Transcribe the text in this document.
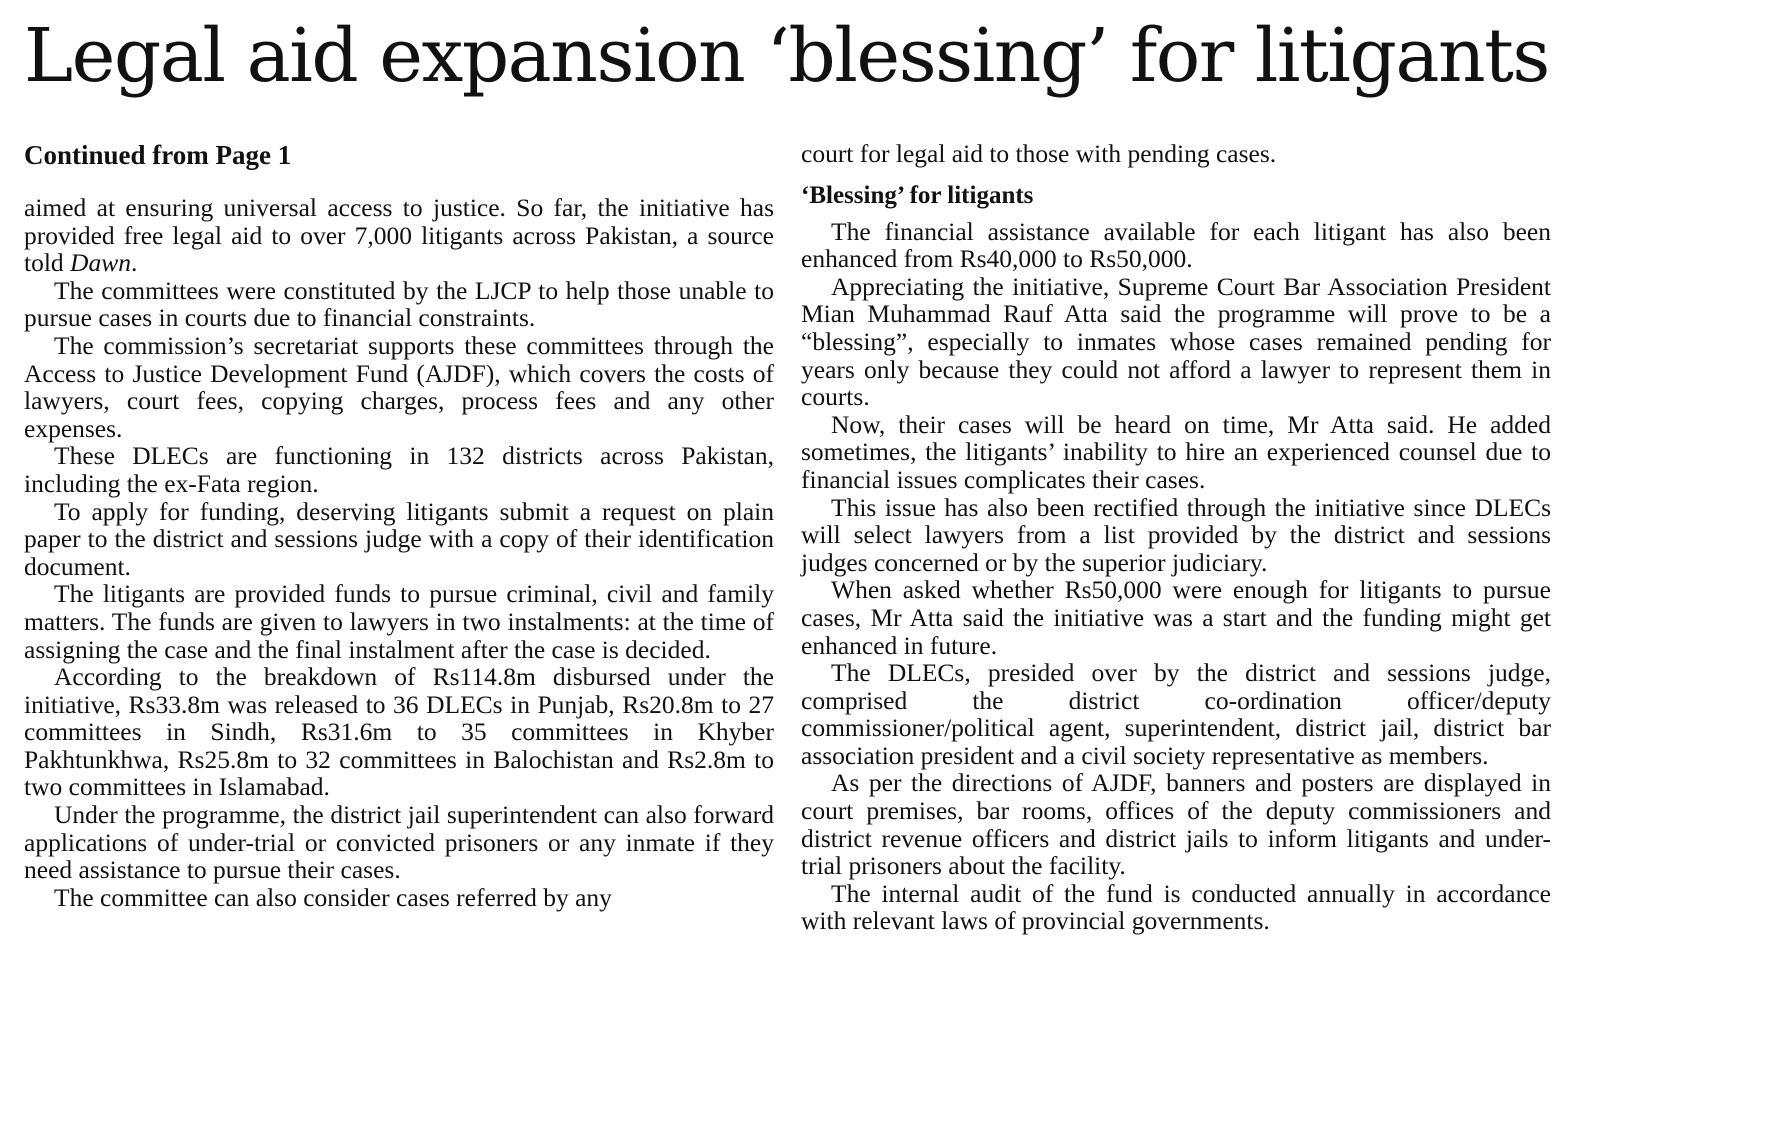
Legal aid expansion ‘blessing’ for litigants
Continued from Page 1

aimed at ensuring universal access to justice. So far, the initiative has provided free legal aid to over 7,000 litigants across Pakistan, a source told Dawn.

The committees were constituted by the LJCP to help those unable to pursue cases in courts due to financial constraints.

The commission’s secretariat supports these committees through the Access to Justice Development Fund (AJDF), which covers the costs of lawyers, court fees, copying charges, process fees and any other expenses.

These DLECs are functioning in 132 districts across Pakistan, including the ex-Fata region.

To apply for funding, deserving litigants submit a request on plain paper to the district and sessions judge with a copy of their identification document.

The litigants are provided funds to pursue criminal, civil and family matters. The funds are given to lawyers in two instalments: at the time of assigning the case and the final instalment after the case is decided.

According to the breakdown of Rs114.8m disbursed under the initiative, Rs33.8m was released to 36 DLECs in Punjab, Rs20.8m to 27 committees in Sindh, Rs31.6m to 35 committees in Khyber Pakhtunkhwa, Rs25.8m to 32 committees in Balochistan and Rs2.8m to two committees in Islamabad.

Under the programme, the district jail superintendent can also forward applications of under-trial or convicted prisoners or any inmate if they need assistance to pursue their cases.

The committee can also consider cases referred by any

court for legal aid to those with pending cases.

‘Blessing’ for litigants

The financial assistance available for each litigant has also been enhanced from Rs40,000 to Rs50,000.

Appreciating the initiative, Supreme Court Bar Association President Mian Muhammad Rauf Atta said the programme will prove to be a “blessing”, especially to inmates whose cases remained pending for years only because they could not afford a lawyer to represent them in courts.

Now, their cases will be heard on time, Mr Atta said. He added sometimes, the litigants’ inability to hire an experienced counsel due to financial issues complicates their cases.

This issue has also been rectified through the initiative since DLECs will select lawyers from a list provided by the district and sessions judges concerned or by the superior judiciary.

When asked whether Rs50,000 were enough for litigants to pursue cases, Mr Atta said the initiative was a start and the funding might get enhanced in future.

The DLECs, presided over by the district and sessions judge, comprised the district co-ordination officer/deputy commissioner/political agent, superintendent, district jail, district bar association president and a civil society representative as members.

As per the directions of AJDF, banners and posters are displayed in court premises, bar rooms, offices of the deputy commissioners and district revenue officers and district jails to inform litigants and under-trial prisoners about the facility.

The internal audit of the fund is conducted annually in accordance with relevant laws of provincial governments.
